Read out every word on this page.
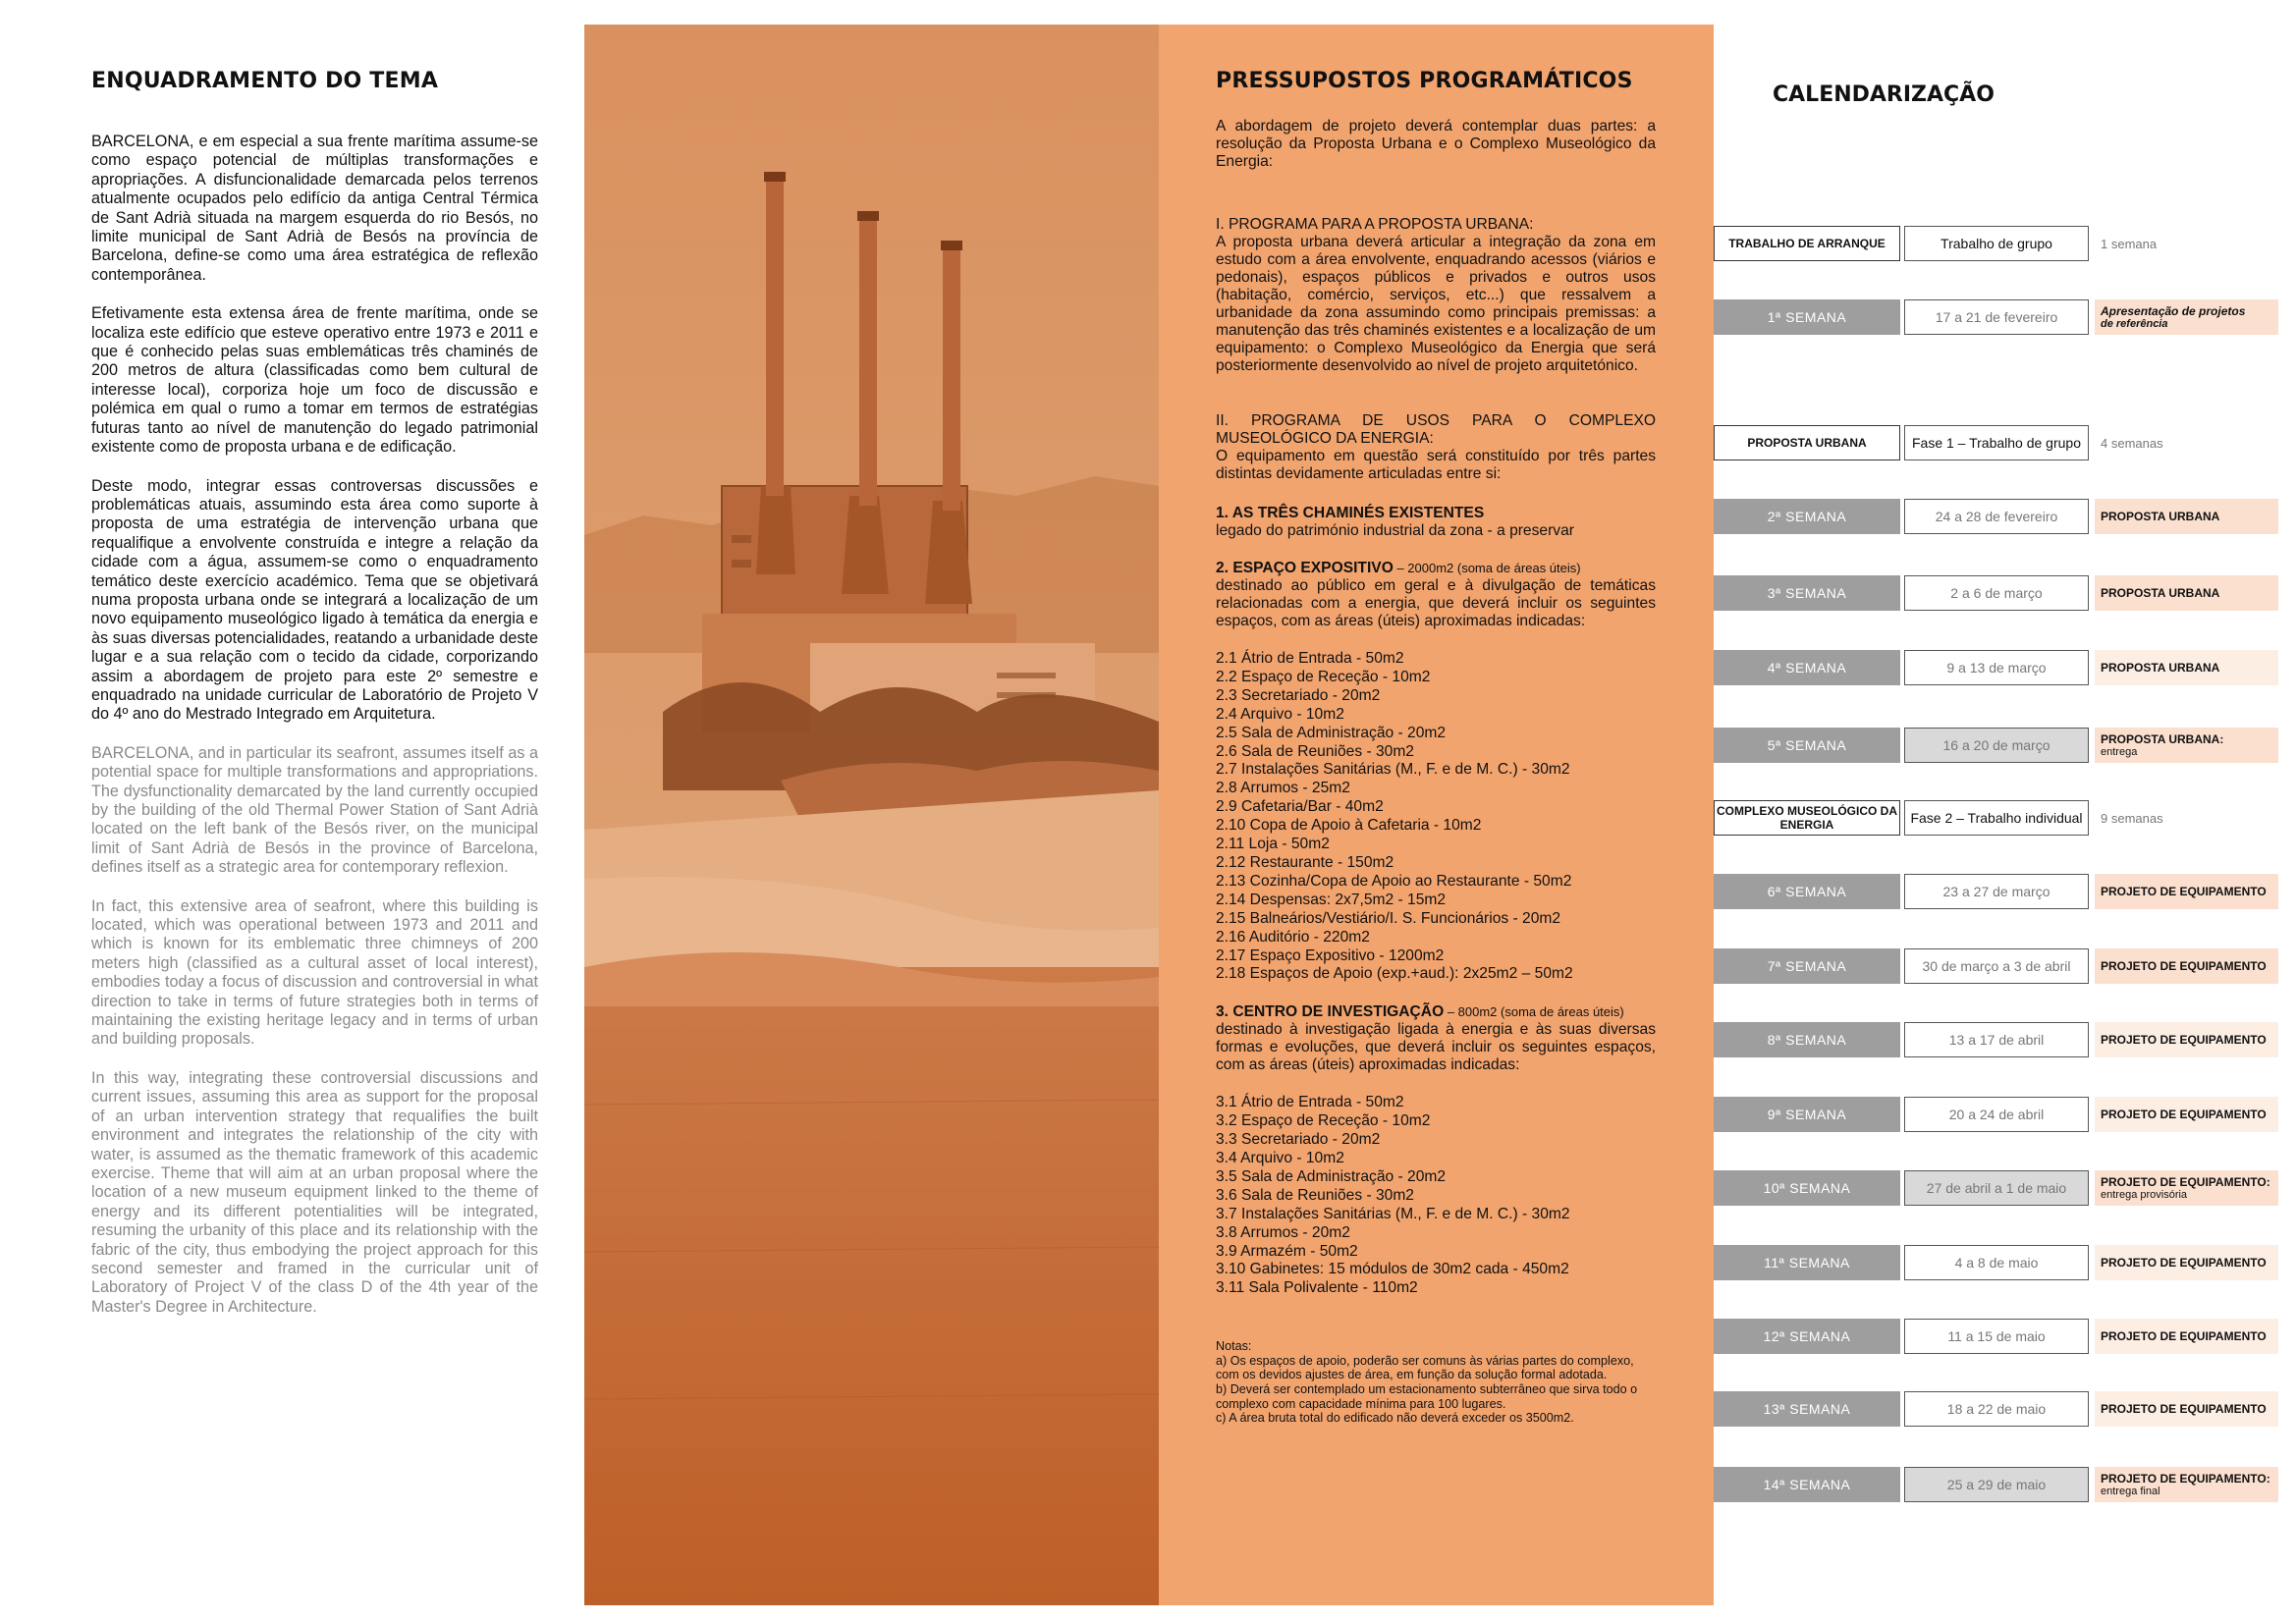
ENQUADRAMENTO DO TEMA

BARCELONA, e em especial a sua frente marítima assume-se como espaço potencial de múltiplas transformações e apropriações. A disfuncionalidade demarcada pelos terrenos atualmente ocupados pelo edifício da antiga Central Térmica de Sant Adrià situada na margem esquerda do rio Besós, no limite municipal de Sant Adrià de Besós na província de Barcelona, define-se como uma área estratégica de reflexão contemporânea.

Efetivamente esta extensa área de frente marítima, onde se localiza este edifício que esteve operativo entre 1973 e 2011 e que é conhecido pelas suas emblemáticas três chaminés de 200 metros de altura (classificadas como bem cultural de interesse local), corporiza hoje um foco de discussão e polémica em qual o rumo a tomar em termos de estratégias futuras tanto ao nível de manutenção do legado patrimonial existente como de proposta urbana e de edificação.

Deste modo, integrar essas controversas discussões e problemáticas atuais, assumindo esta área como suporte à proposta de uma estratégia de intervenção urbana que requalifique a envolvente construída e integre a relação da cidade com a água, assumem-se como o enquadramento temático deste exercício académico. Tema que se objetivará numa proposta urbana onde se integrará a localização de um novo equipamento museológico ligado à temática da energia e às suas diversas potencialidades, reatando a urbanidade deste lugar e a sua relação com o tecido da cidade, corporizando assim a abordagem de projeto para este 2º semestre e enquadrado na unidade curricular de Laboratório de Projeto V do 4º ano do Mestrado Integrado em Arquitetura.

BARCELONA, and in particular its seafront, assumes itself as a potential space for multiple transformations and appropriations. The dysfunctionality demarcated by the land currently occupied by the building of the old Thermal Power Station of Sant Adrià located on the left bank of the Besós river, on the municipal limit of Sant Adrià de Besós in the province of Barcelona, defines itself as a strategic area for contemporary reflexion.

In fact, this extensive area of seafront, where this building is located, which was operational between 1973 and 2011 and which is known for its emblematic three chimneys of 200 meters high (classified as a cultural asset of local interest), embodies today a focus of discussion and controversial in what direction to take in terms of future strategies both in terms of maintaining the existing heritage legacy and in terms of urban and building proposals.

In this way, integrating these controversial discussions and current issues, assuming this area as support for the proposal of an urban intervention strategy that requalifies the built environment and integrates the relationship of the city with water, is assumed as the thematic framework of this academic exercise. Theme that will aim at an urban proposal where the location of a new museum equipment linked to the theme of energy and its different potentialities will be integrated, resuming the urbanity of this place and its relationship with the fabric of the city, thus embodying the project approach for this second semester and framed in the curricular unit of Laboratory of Project V of the class D of the 4th year of the Master's Degree in Architecture.

PRESSUPOSTOS PROGRAMÁTICOS

A abordagem de projeto deverá contemplar duas partes: a resolução da Proposta Urbana e o Complexo Museológico da Energia:

I. PROGRAMA PARA A PROPOSTA URBANA:

A proposta urbana deverá articular a integração da zona em estudo com a área envolvente, enquadrando acessos (viários e pedonais), espaços públicos e privados e outros usos (habitação, comércio, serviços, etc...) que ressalvem a urbanidade da zona assumindo como principais premissas: a manutenção das três chaminés existentes e a localização de um equipamento: o Complexo Museológico da Energia que será posteriormente desenvolvido ao nível de projeto arquitetónico.

II. PROGRAMA DE USOS PARA O COMPLEXO MUSEOLÓGICO DA ENERGIA:

O equipamento em questão será constituído por três partes distintas devidamente articuladas entre si:

1. AS TRÊS CHAMINÉS EXISTENTES

legado do património industrial da zona - a preservar

2. ESPAÇO EXPOSITIVO – 2000m2 (soma de áreas úteis)

destinado ao público em geral e à divulgação de temáticas relacionadas com a energia, que deverá incluir os seguintes espaços, com as áreas (úteis) aproximadas indicadas:

2.1 Átrio de Entrada - 50m2
2.2 Espaço de Receção - 10m2
2.3 Secretariado - 20m2
2.4 Arquivo - 10m2
2.5 Sala de Administração - 20m2
2.6 Sala de Reuniões - 30m2
2.7 Instalações Sanitárias (M., F. e de M. C.) - 30m2
2.8 Arrumos - 25m2
2.9 Cafetaria/Bar - 40m2
2.10 Copa de Apoio à Cafetaria - 10m2
2.11 Loja - 50m2
2.12 Restaurante - 150m2
2.13 Cozinha/Copa de Apoio ao Restaurante - 50m2
2.14 Despensas: 2x7,5m2 - 15m2
2.15 Balneários/Vestiário/I. S. Funcionários - 20m2
2.16 Auditório - 220m2
2.17 Espaço Expositivo - 1200m2
2.18 Espaços de Apoio (exp.+aud.): 2x25m2 – 50m2

3. CENTRO DE INVESTIGAÇÃO – 800m2 (soma de áreas úteis)

destinado à investigação ligada à energia e às suas diversas formas e evoluções, que deverá incluir os seguintes espaços, com as áreas (úteis) aproximadas indicadas:

3.1 Átrio de Entrada - 50m2
3.2 Espaço de Receção - 10m2
3.3 Secretariado - 20m2
3.4 Arquivo - 10m2
3.5 Sala de Administração - 20m2
3.6 Sala de Reuniões - 30m2
3.7 Instalações Sanitárias (M., F. e de M. C.) - 30m2
3.8 Arrumos - 20m2
3.9 Armazém - 50m2
3.10 Gabinetes: 15 módulos de 30m2 cada - 450m2
3.11 Sala Polivalente - 110m2

Notas:

a) Os espaços de apoio, poderão ser comuns às várias partes do complexo, com os devidos ajustes de área, em função da solução formal adotada.

b) Deverá ser contemplado um estacionamento subterrâneo que sirva todo o complexo com capacidade mínima para 100 lugares.

c) A área bruta total do edificado não deverá exceder os 3500m2.

CALENDARIZAÇÃO
TRABALHO DE ARRANQUE	Trabalho de grupo	1 semana
1ª SEMANA	17 a 21 de fevereiro	Apresentação de projetos
de referência
PROPOSTA URBANA	Fase 1 – Trabalho de grupo	4 semanas
2ª SEMANA	24 a 28 de fevereiro	PROPOSTA URBANA
3ª SEMANA	2 a 6 de março	PROPOSTA URBANA
4ª SEMANA	9 a 13 de março	PROPOSTA URBANA
5ª SEMANA	16 a 20 de março	PROPOSTA URBANA:
entrega
COMPLEXO MUSEOLÓGICO DA ENERGIA	Fase 2 – Trabalho individual	9 semanas
6ª SEMANA	23 a 27 de março	PROJETO DE EQUIPAMENTO
7ª SEMANA	30 de março a 3 de abril	PROJETO DE EQUIPAMENTO
8ª SEMANA	13 a 17 de abril	PROJETO DE EQUIPAMENTO
9ª SEMANA	20 a 24 de abril	PROJETO DE EQUIPAMENTO
10ª SEMANA	27 de abril a 1 de maio	PROJETO DE EQUIPAMENTO:
entrega provisória
11ª SEMANA	4 a 8 de maio	PROJETO DE EQUIPAMENTO
12ª SEMANA	11 a 15 de maio	PROJETO DE EQUIPAMENTO
13ª SEMANA	18 a 22 de maio	PROJETO DE EQUIPAMENTO
14ª SEMANA	25 a 29 de maio	PROJETO DE EQUIPAMENTO:
entrega final
